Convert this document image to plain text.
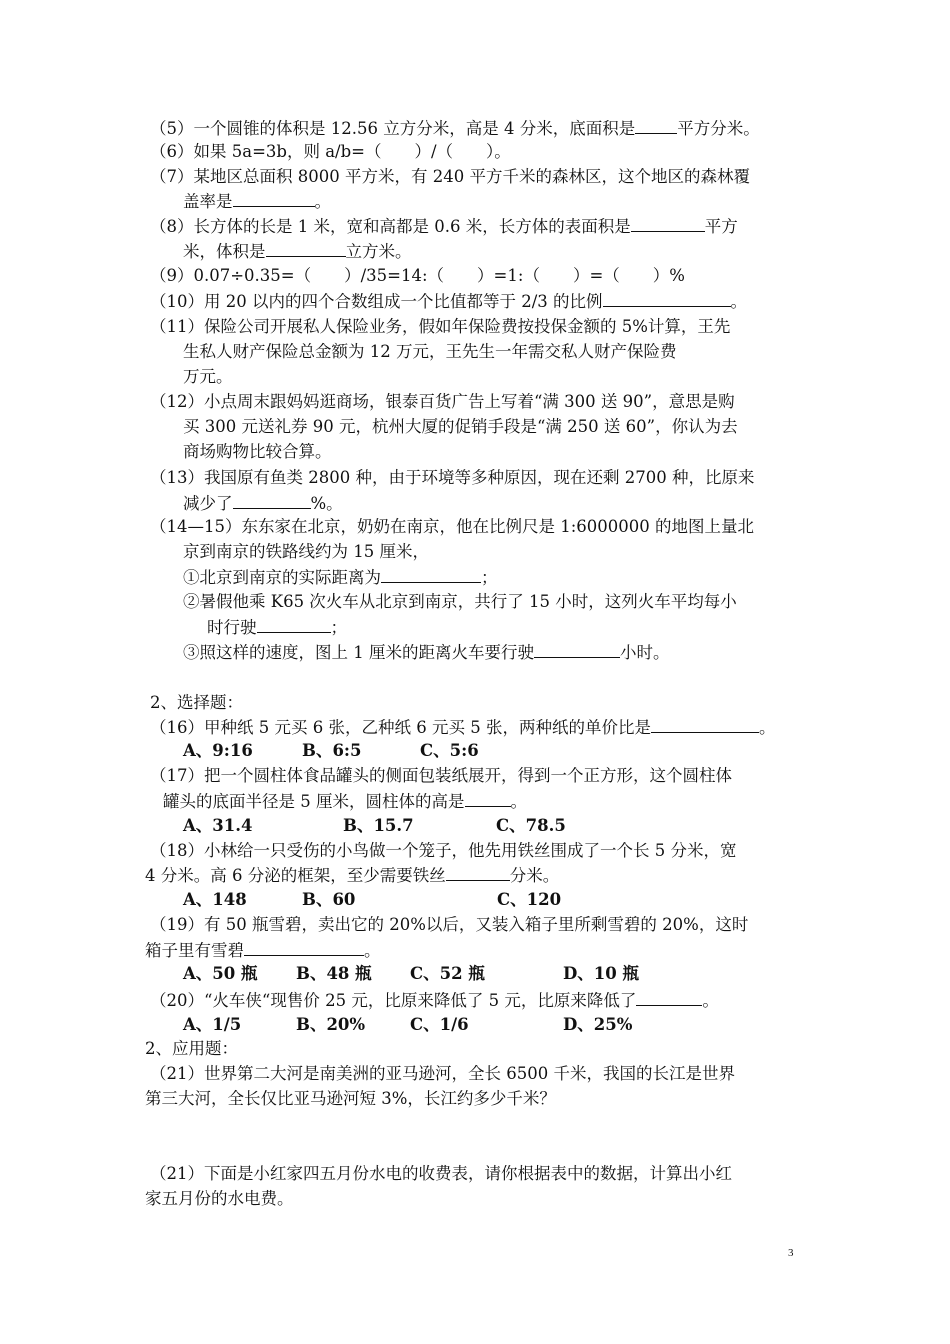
（5）一个圆锥的体积是 12.56 立方分米，高是 4 分米，底面积是	平方分米。
（6）如果 5a=3b，则 a/b=（　　）/（　　）。
（7）某地区总面积 8000 平方米，有 240 平方千米的森林区，这个地区的森林覆
盖率是	。
（8）长方体的长是 1 米，宽和高都是 0.6 米，长方体的表面积是	平方
米，体积是	立方米。
（9）0.07÷0.35=（　　）/35=14:（　　）=1:（　　）=（　　）%
（10）用 20 以内的四个合数组成一个比值都等于 2/3 的比例	。
（11）保险公司开展私人保险业务，假如年保险费按投保金额的 5%计算，王先
生私人财产保险总金额为 12 万元，王先生一年需交私人财产保险费
万元。
（12）小点周末跟妈妈逛商场，银泰百货广告上写着“满 300 送 90”，意思是购
买 300 元送礼券 90 元，杭州大厦的促销手段是“满 250 送 60”，你认为去
商场购物比较合算。
（13）我国原有鱼类 2800 种，由于环境等多种原因，现在还剩 2700 种，比原来
减少了	%。
（14—15）东东家在北京，奶奶在南京，他在比例尺是 1:6000000 的地图上量北
京到南京的铁路线约为 15 厘米，
①北京到南京的实际距离为	；
②暑假他乘 K65 次火车从北京到南京，共行了 15 小时，这列火车平均每小
时行驶	；
③照这样的速度，图上 1 厘米的距离火车要行驶	小时。
2、选择题：
（16）甲种纸 5 元买 6 张，乙种纸 6 元买 5 张，两种纸的单价比是	。
A、9:16	B、6:5	C、5:6
（17）把一个圆柱体食品罐头的侧面包装纸展开，得到一个正方形，这个圆柱体
罐头的底面半径是 5 厘米，圆柱体的高是	。
A、31.4	B、15.7	C、78.5
（18）小林给一只受伤的小鸟做一个笼子，他先用铁丝围成了一个长 5 分米，宽
4 分米。高 6 分泌的框架，至少需要铁丝	分米。
A、148	B、60	C、120
（19）有 50 瓶雪碧，卖出它的 20%以后，又装入箱子里所剩雪碧的 20%，这时
箱子里有雪碧	。
A、50 瓶 B、48 瓶 C、52 瓶	D、10 瓶
（20）“火车侠“现售价 25 元，比原来降低了 5 元，比原来降低了	。
A、1/5	B、20%	C、1/6	D、25%
2、应用题：
（21）世界第二大河是南美洲的亚马逊河，全长 6500 千米，我国的长江是世界
第三大河，全长仅比亚马逊河短 3%，长江约多少千米？
（21）下面是小红家四五月份水电的收费表，请你根据表中的数据，计算出小红
家五月份的水电费。
3
